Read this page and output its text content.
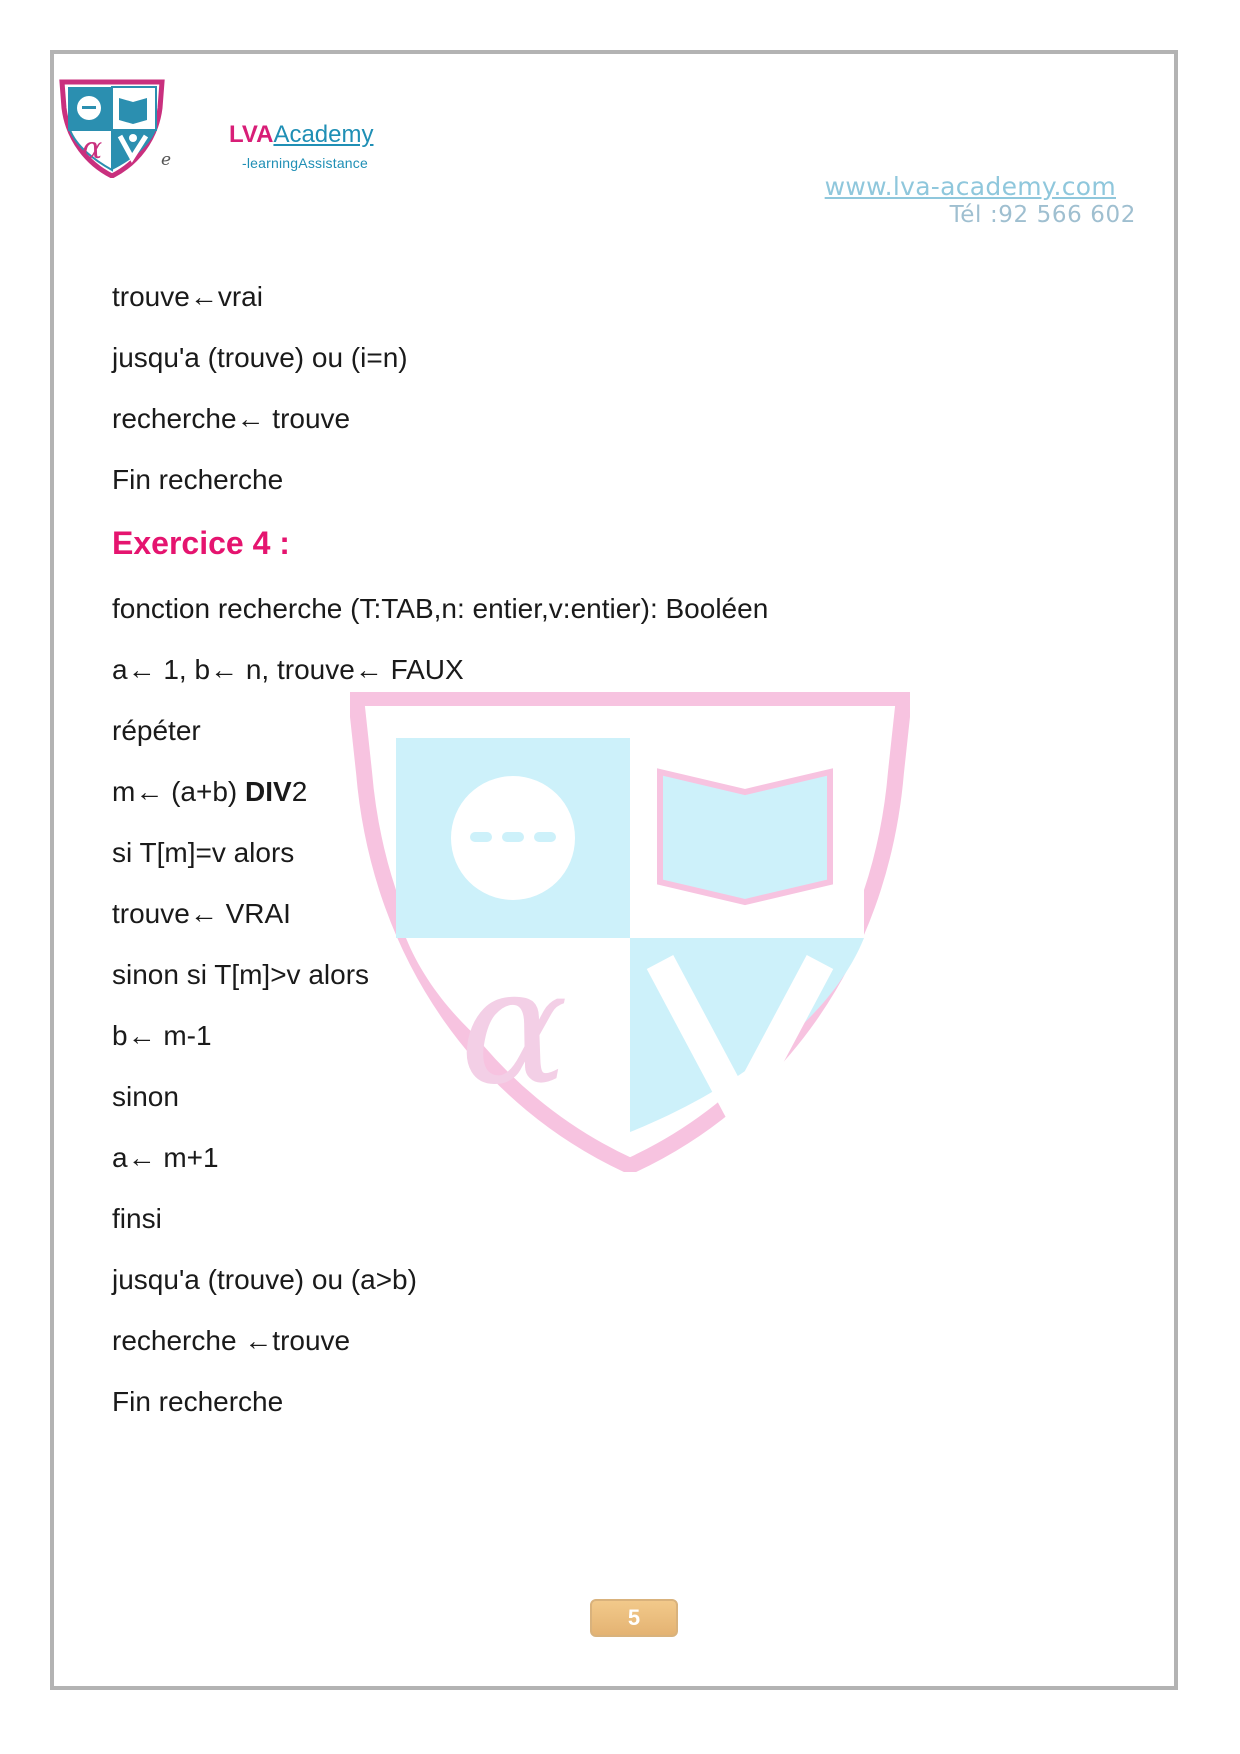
α	e
LVAAcademy
-learningAssistance
www.lva-academy.com
Tél :92 566 602
α
trouve←vrai
jusqu'a (trouve) ou (i=n)
recherche← trouve
Fin recherche
Exercice 4 :
fonction recherche (T:TAB,n: entier,v:entier): Booléen
a← 1, b← n, trouve← FAUX
répéter
m← (a+b) DIV2
si T[m]=v alors
trouve← VRAI
sinon si T[m]>v alors
b← m-1
sinon
a← m+1
finsi
jusqu'a (trouve) ou (a>b)
recherche ←trouve
Fin recherche
5
